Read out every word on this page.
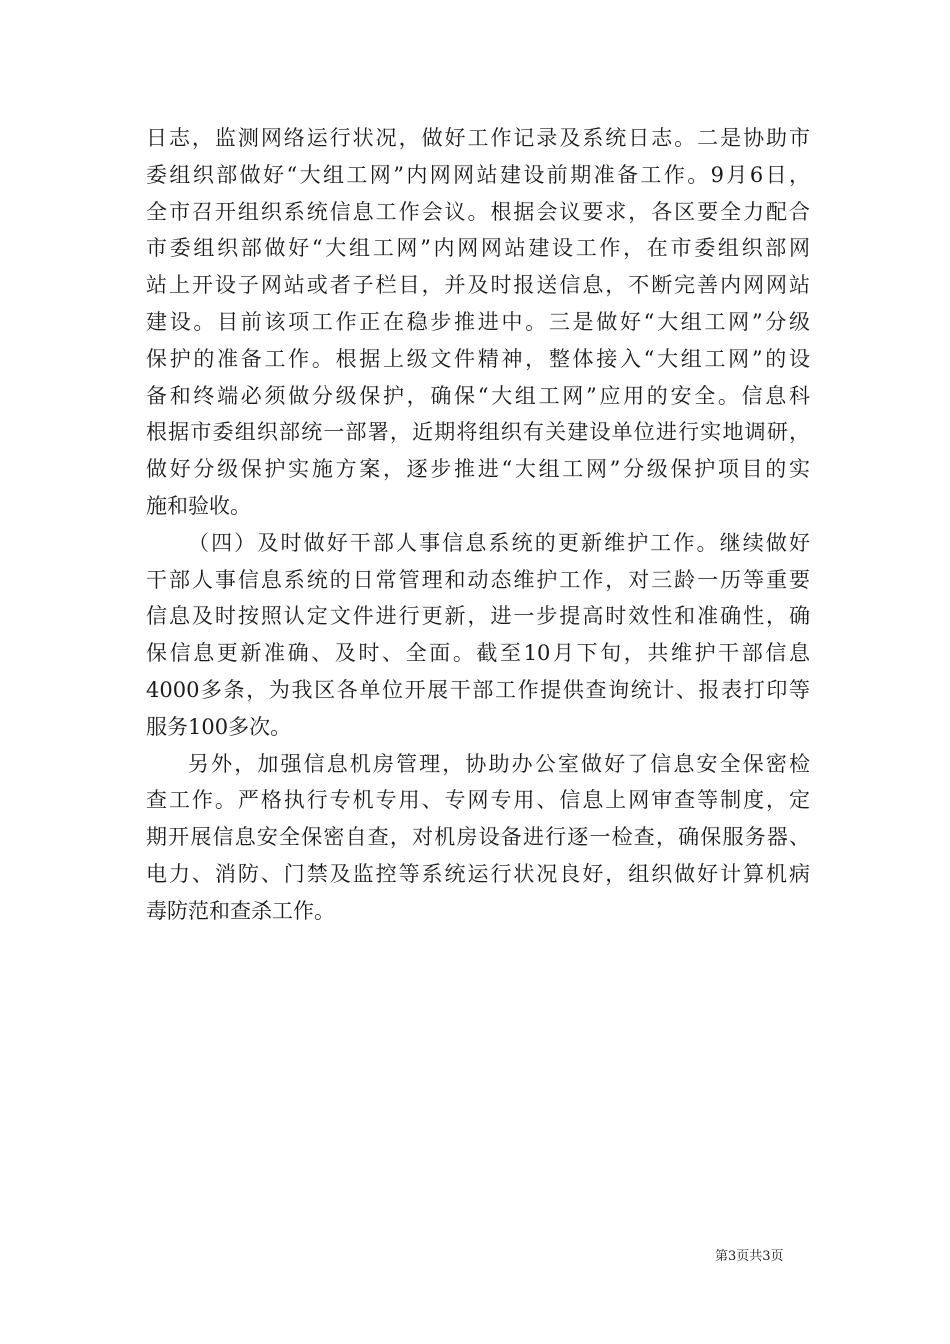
日志，监测网络运行状况，做好工作记录及系统日志。二是协助市
委组织部做好“大组工网”内网网站建设前期准备工作。9月6日，
全市召开组织系统信息工作会议。根据会议要求，各区要全力配合
市委组织部做好“大组工网”内网网站建设工作，在市委组织部网
站上开设子网站或者子栏目，并及时报送信息，不断完善内网网站
建设。目前该项工作正在稳步推进中。三是做好“大组工网”分级
保护的准备工作。根据上级文件精神，整体接入“大组工网”的设
备和终端必须做分级保护，确保“大组工网”应用的安全。信息科
根据市委组织部统一部署，近期将组织有关建设单位进行实地调研，
做好分级保护实施方案，逐步推进“大组工网”分级保护项目的实
施和验收。
（四）及时做好干部人事信息系统的更新维护工作。继续做好
干部人事信息系统的日常管理和动态维护工作，对三龄一历等重要
信息及时按照认定文件进行更新，进一步提高时效性和准确性，确
保信息更新准确、及时、全面。截至10月下旬，共维护干部信息
4000多条，为我区各单位开展干部工作提供查询统计、报表打印等
服务100多次。
另外，加强信息机房管理，协助办公室做好了信息安全保密检
查工作。严格执行专机专用、专网专用、信息上网审查等制度，定
期开展信息安全保密自查，对机房设备进行逐一检查，确保服务器、
电力、消防、门禁及监控等系统运行状况良好，组织做好计算机病
毒防范和查杀工作。
第3页共3页
